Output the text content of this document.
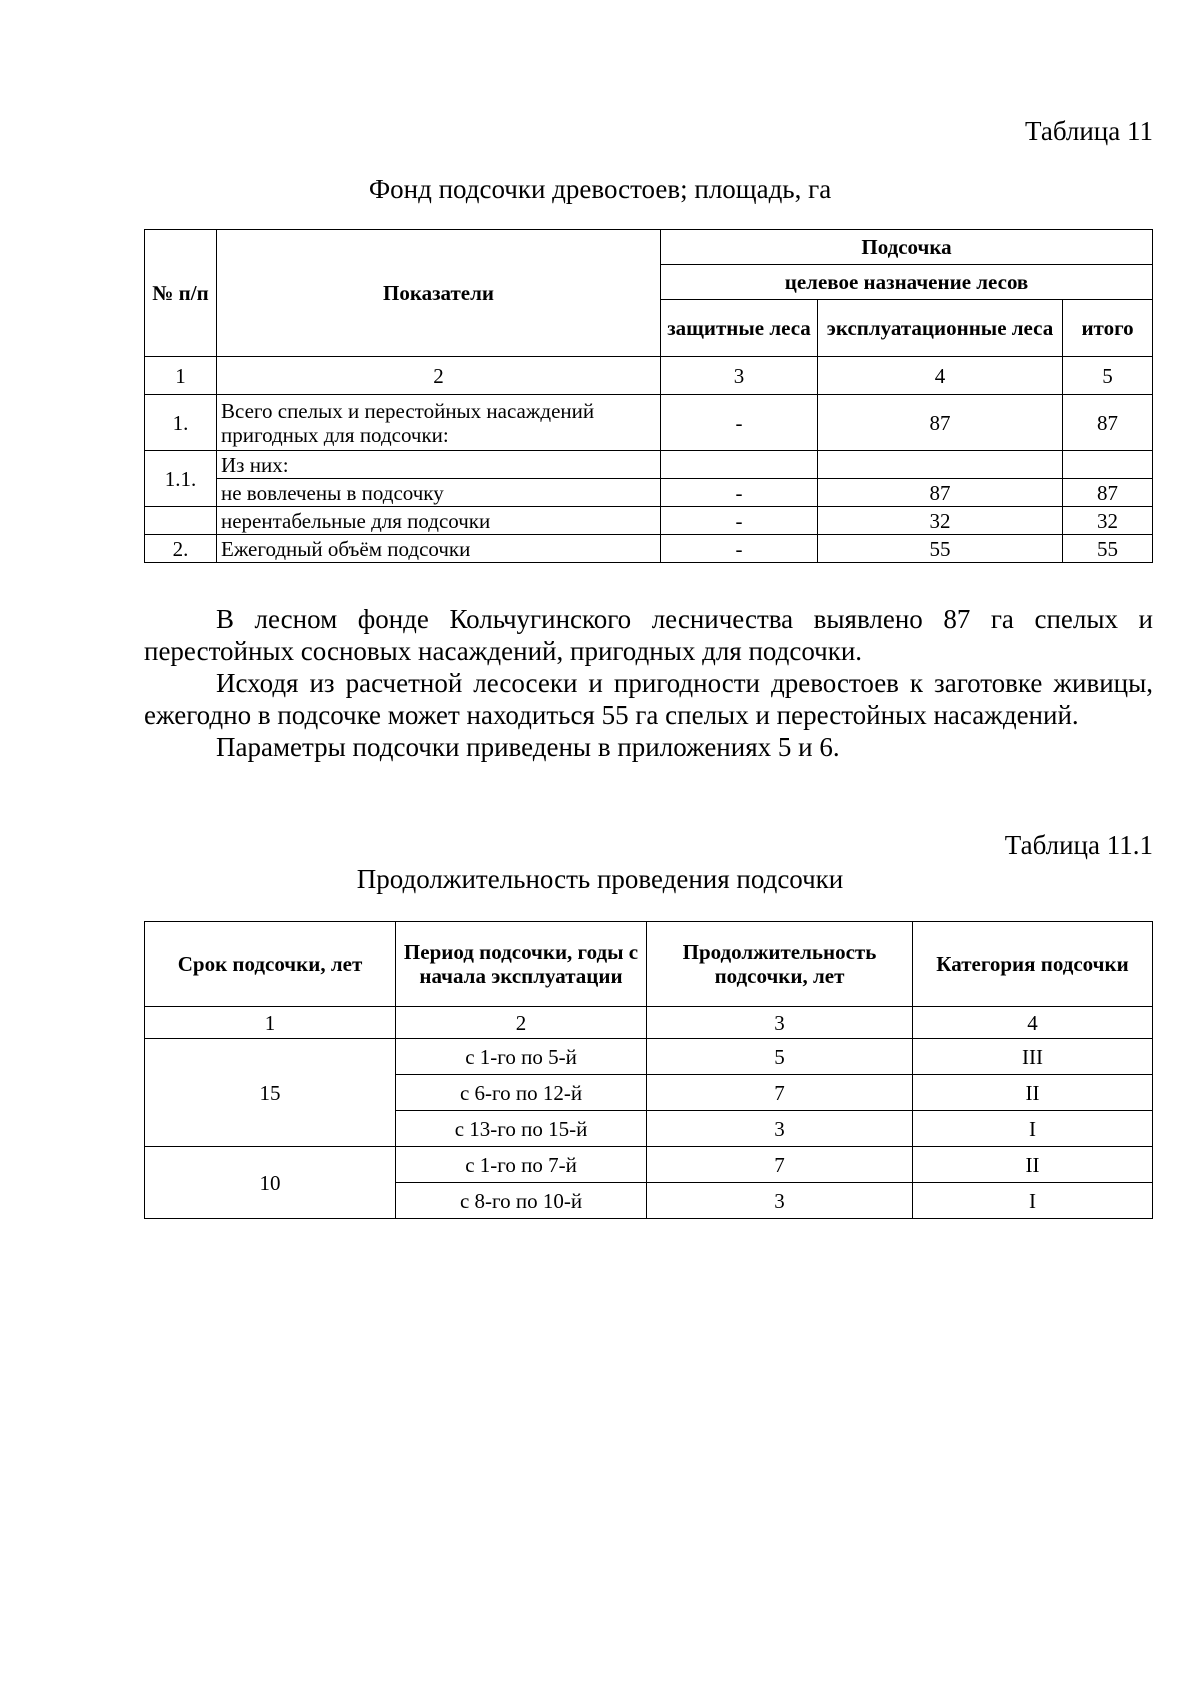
Таблица 11
Фонд подсочки древостоев; площадь, га
№ п/п	Показатели	Подсочка		
		целевое назначение лесов		
		защитные леса	эксплуатационные леса	итого
1	2	3	4	5
1.	Всего спелых и перестойных насаждений пригодных для подсочки:	-	87	87
1.1.	Из них:			
	не вовлечены в подсочку	-	87	87
	нерентабельные для подсочки	-	32	32
2.	Ежегодный объём подсочки	-	55	55

В лесном фонде Кольчугинского лесничества выявлено 87 га спелых и перестойных сосновых насаждений, пригодных для подсочки.

Исходя из расчетной лесосеки и пригодности древостоев к заготовке живицы, ежегодно в подсочке может находиться 55 га спелых и перестойных насаждений.

Параметры подсочки приведены в приложениях 5 и 6.

Таблица 11.1
Продолжительность проведения подсочки
Срок подсочки, лет	Период подсочки, годы с начала эксплуатации	Продолжительность подсочки, лет	Категория подсочки
1	2	3	4
15	с 1-го по 5-й	5	III
	с 6-го по 12-й	7	II
	с 13-го по 15-й	3	I
10	с 1-го по 7-й	7	II
	с 8-го по 10-й	3	I
